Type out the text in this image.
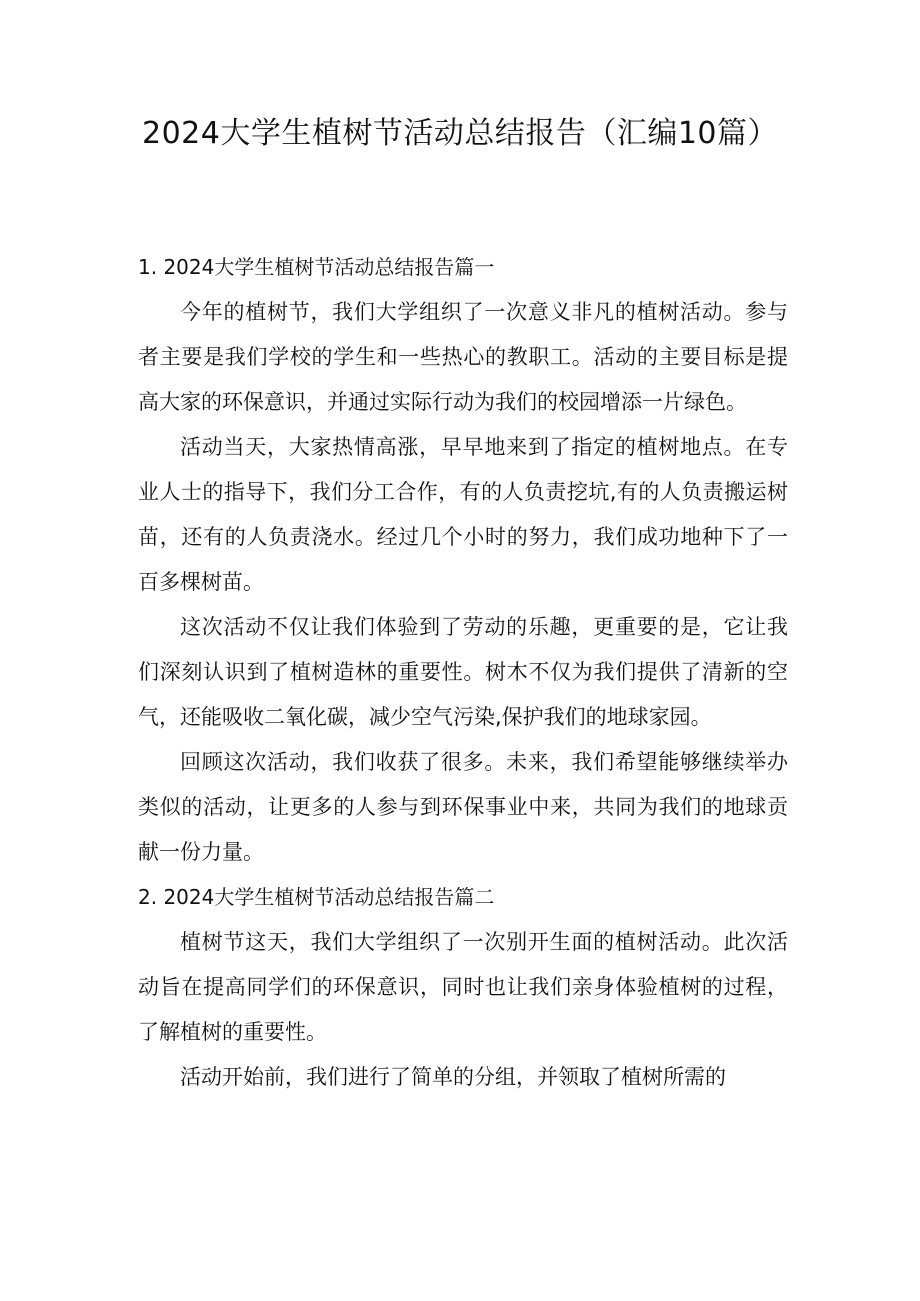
2024大学生植树节活动总结报告（汇编10篇）

1. 2024大学生植树节活动总结报告篇一

今年的植树节，我们大学组织了一次意义非凡的植树活动。参与者主要是我们学校的学生和一些热心的教职工。活动的主要目标是提高大家的环保意识，并通过实际行动为我们的校园增添一片绿色。

活动当天，大家热情高涨，早早地来到了指定的植树地点。在专业人士的指导下，我们分工合作，有的人负责挖坑,有的人负责搬运树苗，还有的人负责浇水。经过几个小时的努力，我们成功地种下了一百多棵树苗。

这次活动不仅让我们体验到了劳动的乐趣，更重要的是，它让我们深刻认识到了植树造林的重要性。树木不仅为我们提供了清新的空气，还能吸收二氧化碳，减少空气污染,保护我们的地球家园。

回顾这次活动，我们收获了很多。未来，我们希望能够继续举办类似的活动，让更多的人参与到环保事业中来，共同为我们的地球贡献一份力量。

2. 2024大学生植树节活动总结报告篇二

植树节这天，我们大学组织了一次别开生面的植树活动。此次活动旨在提高同学们的环保意识，同时也让我们亲身体验植树的过程，了解植树的重要性。

活动开始前，我们进行了简单的分组，并领取了植树所需的
